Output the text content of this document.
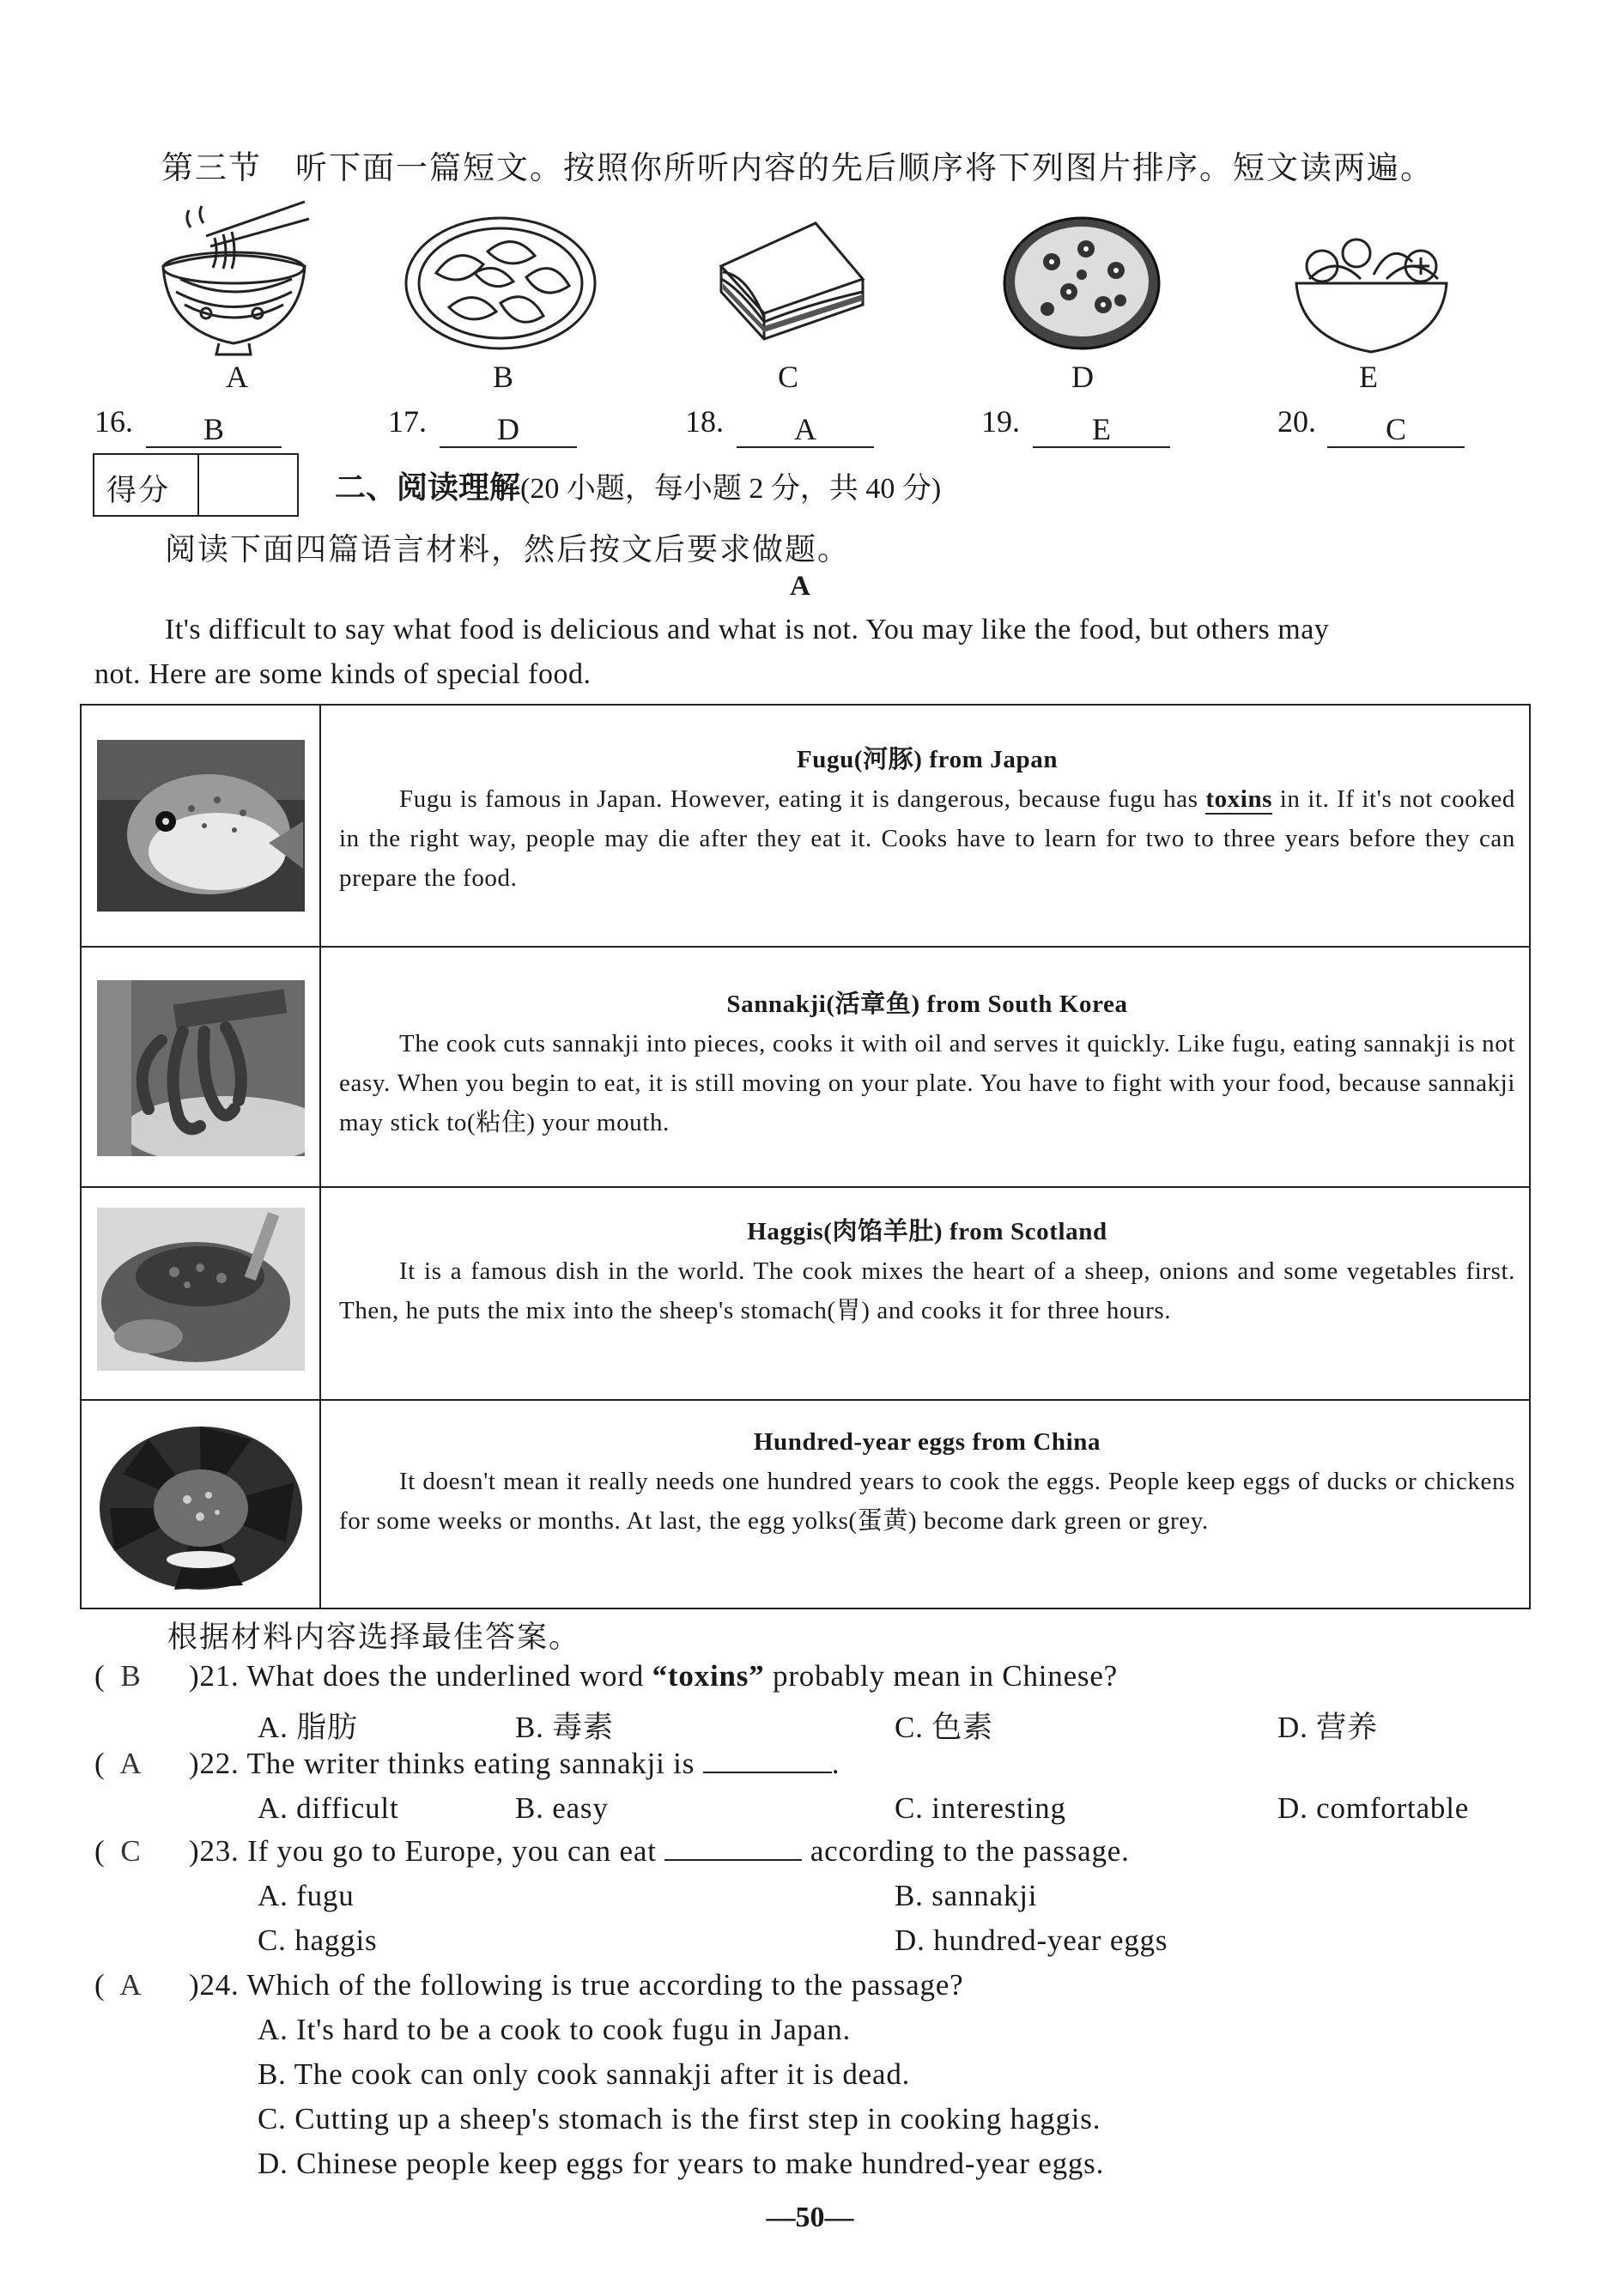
第三节　听下面一篇短文。按照你所听内容的先后顺序将下列图片排序。短文读两遍。
A	B	C	D	E
16.	B	17.	D	18.	A	19.	E	20.	C
得分	二、阅读理解(20 小题，每小题 2 分，共 40 分)
阅读下面四篇语言材料，然后按文后要求做题。
A
It's difficult to say what food is delicious and what is not. You may like the food, but others may
not. Here are some kinds of special food.
Fugu(河豚) from Japan

Fugu is famous in Japan. However, eating it is dangerous, because fugu has toxins in it. If it's not cooked in the right way, people may die after they eat it. Cooks have to learn for two to three years before they can prepare the food.

Sannakji(活章鱼) from South Korea

The cook cuts sannakji into pieces, cooks it with oil and serves it quickly. Like fugu, eating sannakji is not easy. When you begin to eat, it is still moving on your plate. You have to fight with your food, because sannakji may stick to(粘住) your mouth.

Haggis(肉馅羊肚) from Scotland

It is a famous dish in the world. The cook mixes the heart of a sheep, onions and some vegetables first. Then, he puts the mix into the sheep's stomach(胃) and cooks it for three hours.

Hundred-year eggs from China

It doesn't mean it really needs one hundred years to cook the eggs. People keep eggs of ducks or chickens for some weeks or months. At last, the egg yolks(蛋黄) become dark green or grey.

根据材料内容选择最佳答案。
( B )21. What does the underlined word “toxins” probably mean in Chinese?
A. 脂肪	B. 毒素	C. 色素	D. 营养
( A )22. The writer thinks eating sannakji is	.
A. difficult	B. easy	C. interesting	D. comfortable
( C )23. If you go to Europe, you can eat	according to the passage.
A. fugu	B. sannakji
C. haggis	D. hundred-year eggs
( A )24. Which of the following is true according to the passage?
A. It's hard to be a cook to cook fugu in Japan.
B. The cook can only cook sannakji after it is dead.
C. Cutting up a sheep's stomach is the first step in cooking haggis.
D. Chinese people keep eggs for years to make hundred-year eggs.
—50—
